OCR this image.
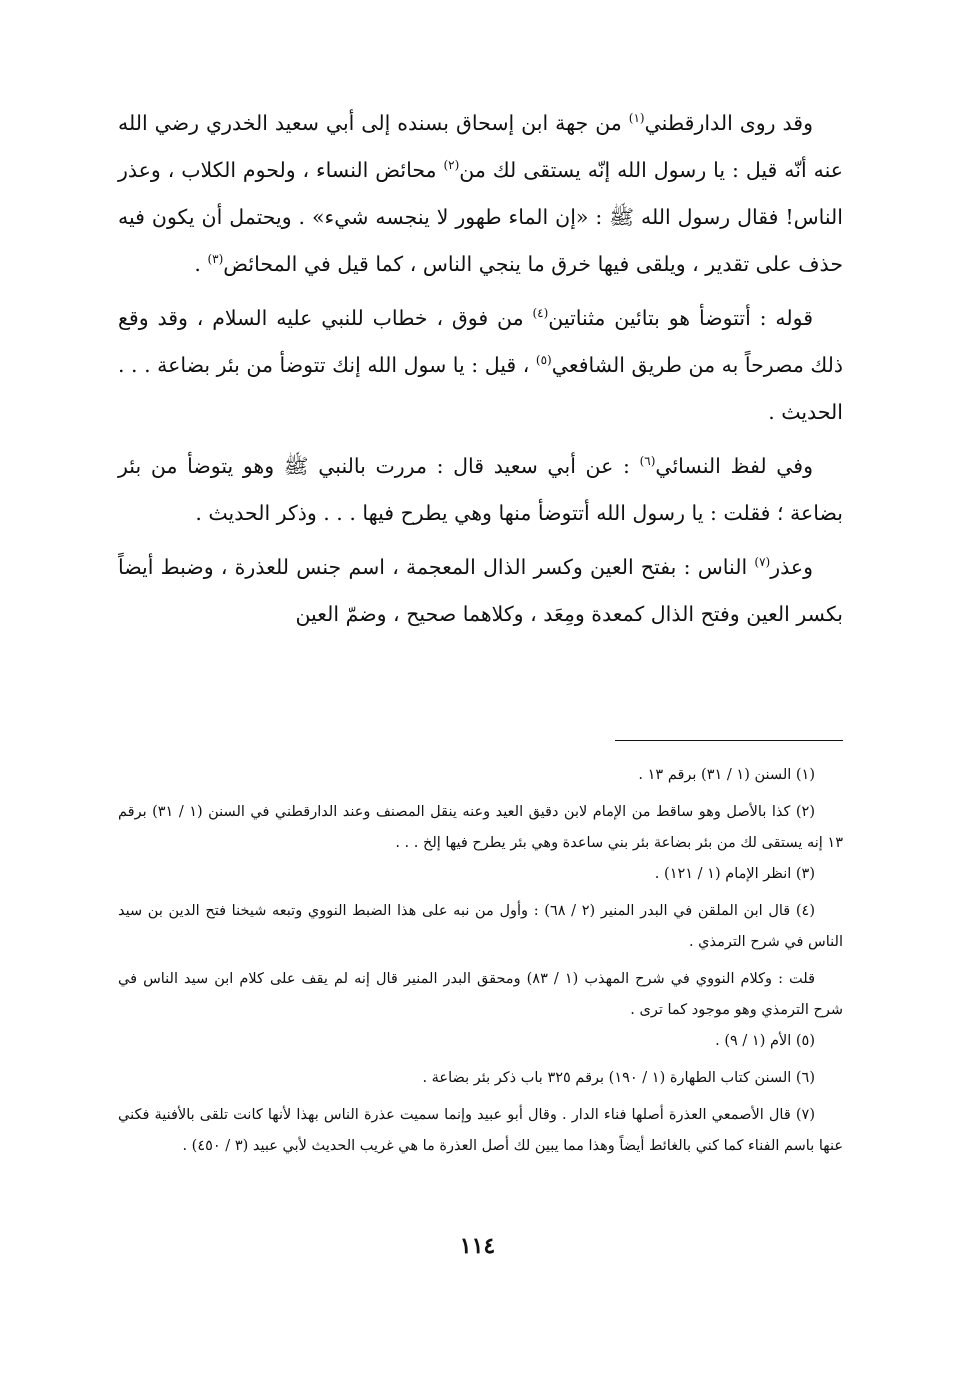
وقد روى الدارقطني$^{(١)}$ من جهة ابن إسحاق بسنده إلى أبي سعيد الخدري رضي الله عنه أنّه قيل : يا رسول الله إنّه يستقى لك من$^{(٢)}$ محائض النساء ، ولحوم الكلاب ، وعذر الناس! فقال رسول الله ﷺ : «إن الماء طهور لا ينجسه شيء» . ويحتمل أن يكون فيه حذف على تقدير ، ويلقى فيها خرق ما ينجي الناس ، كما قيل في المحائض$^{(٣)}$ .

قوله : أتتوضأ هو بتائين مثناتين$^{(٤)}$ من فوق ، خطاب للنبي عليه السلام ، وقد وقع ذلك مصرحاً به من طريق الشافعي$^{(٥)}$ ، قيل : يا سول الله إنك تتوضأ من بئر بضاعة . . . الحديث .

وفي لفظ النسائي$^{(٦)}$ : عن أبي سعيد قال : مررت بالنبي ﷺ وهو يتوضأ من بئر بضاعة ؛ فقلت : يا رسول الله أتتوضأ منها وهي يطرح فيها . . . وذكر الحديث .

وعذر$^{(٧)}$ الناس : بفتح العين وكسر الذال المعجمة ، اسم جنس للعذرة ، وضبط أيضاً بكسر العين وفتح الذال كمعدة ومِعَد ، وكلاهما صحيح ، وضمّ العين

(١) السنن (١ / ٣١) برقم ١٣ .

(٢) كذا بالأصل وهو ساقط من الإمام لابن دقيق العيد وعنه ينقل المصنف وعند الدارقطني في السنن (١ / ٣١) برقم ١٣ إنه يستقى لك من بئر بضاعة بئر بني ساعدة وهي بئر يطرح فيها إلخ . . .

(٣) انظر الإمام (١ / ١٢١) .

(٤) قال ابن الملقن في البدر المنير (٢ / ٦٨) : وأول من نبه على هذا الضبط النووي وتبعه شيخنا فتح الدين بن سيد الناس في شرح الترمذي .

قلت : وكلام النووي في شرح المهذب (١ / ٨٣) ومحقق البدر المنير قال إنه لم يقف على كلام ابن سيد الناس في شرح الترمذي وهو موجود كما ترى .

(٥) الأم (١ / ٩) .

(٦) السنن كتاب الطهارة (١ / ١٩٠) برقم ٣٢٥ باب ذكر بئر بضاعة .

(٧) قال الأصمعي العذرة أصلها فناء الدار . وقال أبو عبيد وإنما سميت عذرة الناس بهذا لأنها كانت تلقى بالأفنية فكني عنها باسم الفناء كما كني بالغائط أيضاً وهذا مما يبين لك أصل العذرة ما هي غريب الحديث لأبي عبيد (٣ / ٤٥٠) .

١١٤
